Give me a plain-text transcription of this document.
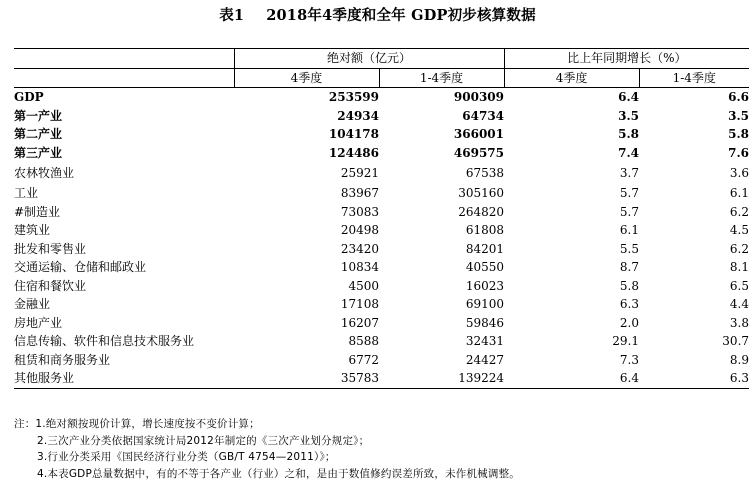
表1 2018年4季度和全年 GDP初步核算数据
	绝对额（亿元）		比上年同期增长（%）	
	4季度	1-4季度	4季度	1-4季度
GDP	253599	900309	6.4	6.6
第一产业	24934	64734	3.5	3.5
第二产业	104178	366001	5.8	5.8
第三产业	124486	469575	7.4	7.6
农林牧渔业	25921	67538	3.7	3.6
工业	83967	305160	5.7	6.1
#制造业	73083	264820	5.7	6.2
建筑业	20498	61808	6.1	4.5
批发和零售业	23420	84201	5.5	6.2
交通运输、仓储和邮政业	10834	40550	8.7	8.1
住宿和餐饮业	4500	16023	5.8	6.5
金融业	17108	69100	6.3	4.4
房地产业	16207	59846	2.0	3.8
信息传输、软件和信息技术服务业	8588	32431	29.1	30.7
租赁和商务服务业	6772	24427	7.3	8.9
其他服务业	35783	139224	6.4	6.3
注：1.绝对额按现价计算，增长速度按不变价计算；
2.三次产业分类依据国家统计局2012年制定的《三次产业划分规定》；
3.行业分类采用《国民经济行业分类（GB/T 4754—2011）》；
4.本表GDP总量数据中，有的不等于各产业（行业）之和，是由于数值修约误差所致，未作机械调整。
